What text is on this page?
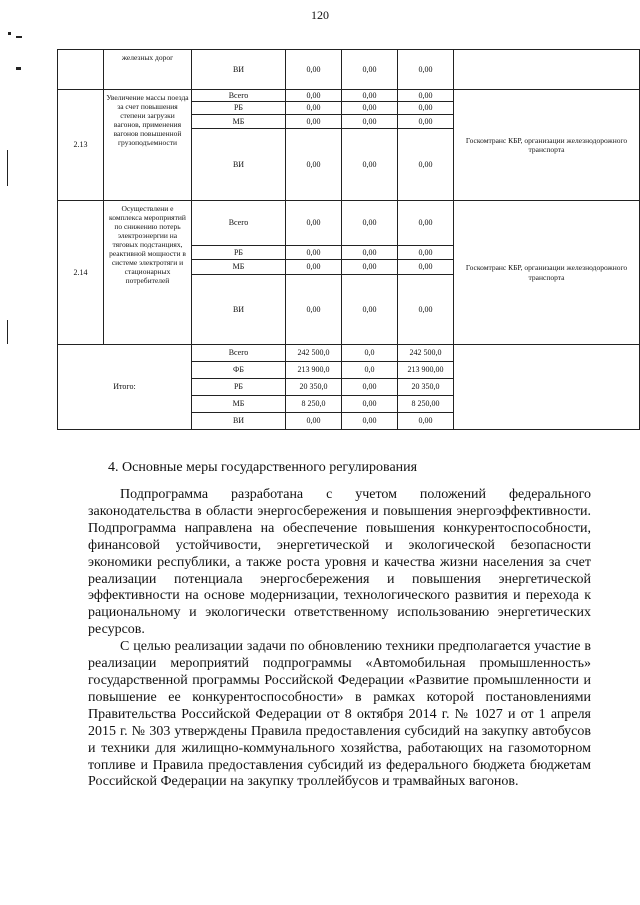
120
	железных дорог	ВИ	0,00	0,00	0,00	
2.13	Увеличение массы поезда за счет повышения степени загрузки вагонов, применения вагонов повышенной грузоподъемности	Всего	0,00	0,00	0,00	Госкомтранс КБР, организации железнодорожного транспорта
		РБ	0,00	0,00	0,00	
		МБ	0,00	0,00	0,00	
		ВИ	0,00	0,00	0,00	
2.14	Осуществлени е комплекса мероприятий по снижению потерь электроэнергии на тяговых подстанциях, реактивной мощности в системе электротяги и стационарных потребителей	Всего	0,00	0,00	0,00	Госкомтранс КБР, организации железнодорожного транспорта
		РБ	0,00	0,00	0,00	
		МБ	0,00	0,00	0,00	
		ВИ	0,00	0,00	0,00	
Итого:		Всего	242 500,0	0,0	242 500,0	
		ФБ	213 900,0	0,0	213 900,00	
		РБ	20 350,0	0,00	20 350,0	
		МБ	8 250,0	0,00	8 250,00	
		ВИ	0,00	0,00	0,00	
4. Основные меры государственного регулирования

Подпрограмма разработана с учетом положений федерального законодательства в области энергосбережения и повышения энергоэффективности. Подпрограмма направлена на обеспечение повышения конкурентоспособности, финансовой устойчивости, энергетической и экологической безопасности экономики республики, а также роста уровня и качества жизни населения за счет реализации потенциала энергосбережения и повышения энергетической эффективности на основе модернизации, технологического развития и перехода к рациональному и экологически ответственному использованию энергетических ресурсов.

С целью реализации задачи по обновлению техники предполагается участие в реализации мероприятий подпрограммы «Автомобильная промышленность» государственной программы Российской Федерации «Развитие промышленности и повышение ее конкурентоспособности» в рамках которой постановлениями Правительства Российской Федерации от 8 октября 2014 г. № 1027 и от 1 апреля 2015 г. № 303 утверждены Правила предоставления субсидий на закупку автобусов и техники для жилищно-коммунального хозяйства, работающих на газомоторном топливе и Правила предоставления субсидий из федерального бюджета бюджетам Российской Федерации на закупку троллейбусов и трамвайных вагонов.
